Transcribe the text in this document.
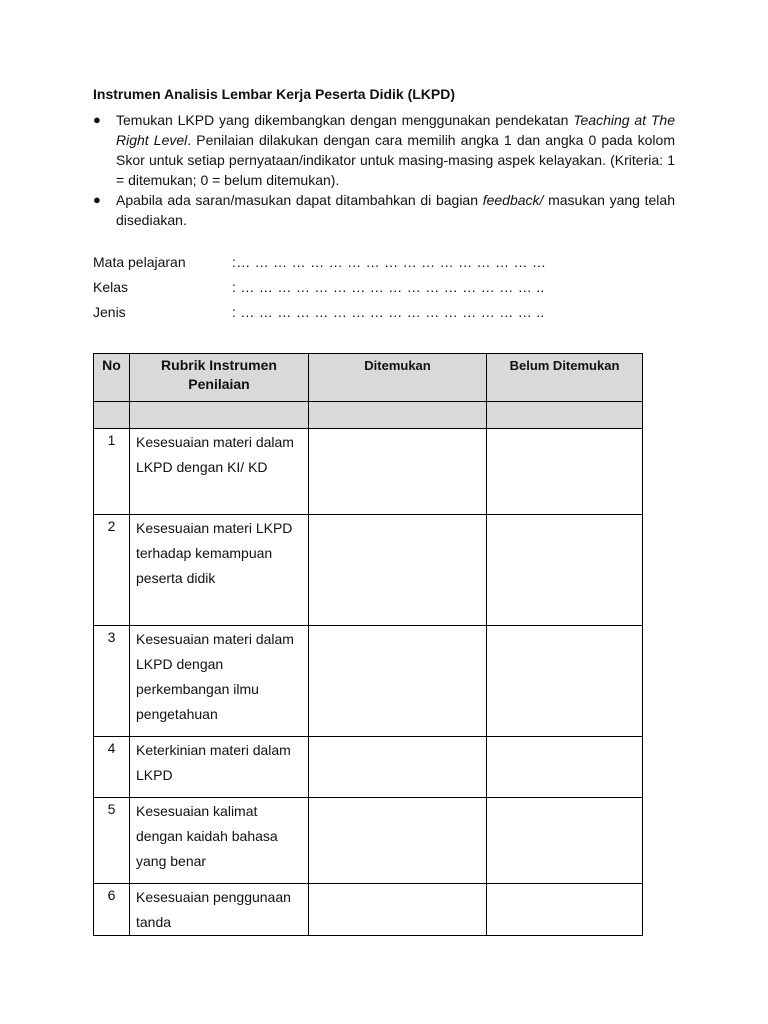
Instrumen Analisis Lembar Kerja Peserta Didik (LKPD)
● Temukan LKPD yang dikembangkan dengan menggunakan pendekatan Teaching at The Right Level. Penilaian dilakukan dengan cara memilih angka 1 dan angka 0 pada kolom Skor untuk setiap pernyataan/indikator untuk masing-masing aspek kelayakan. (Kriteria: 1 = ditemukan; 0 = belum ditemukan).
● Apabila ada saran/masukan dapat ditambahkan di bagian feedback/ masukan yang telah disediakan.
Mata pelajaran	:… … … … … … … … … … … … … … … … …
Kelas	: … … … … … … … … … … … … … … … … ..
Jenis	: … … … … … … … … … … … … … … … … ..
No	Rubrik Instrumen Penilaian	Ditemukan	Belum Ditemukan

1	Kesesuaian materi dalam LKPD dengan KI/ KD		
2	Kesesuaian materi LKPD terhadap kemampuan peserta didik		
3	Kesesuaian materi dalam LKPD dengan perkembangan ilmu pengetahuan		
4	Keterkinian materi dalam LKPD		
5	Kesesuaian kalimat dengan kaidah bahasa yang benar		
6	Kesesuaian penggunaan tanda		
